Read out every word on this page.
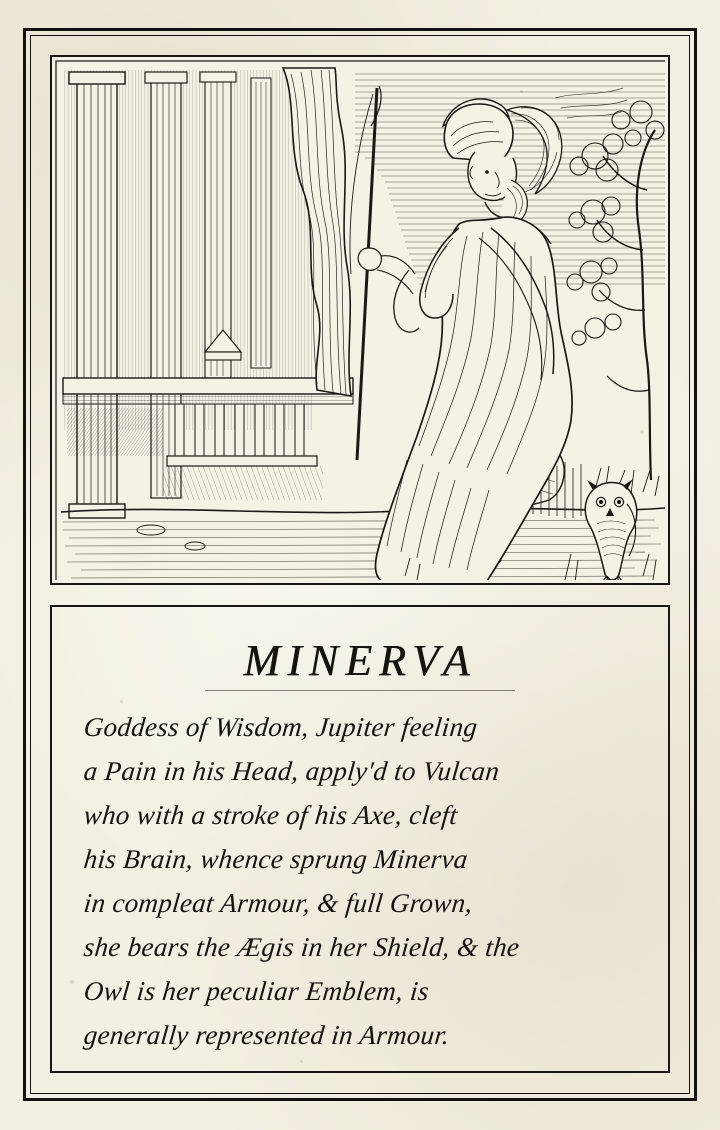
MINERVA
Goddess of Wisdom, Jupiter feeling
a Pain in his Head, apply'd to Vulcan
who with a stroke of his Axe, cleft
his Brain, whence sprung Minerva
in compleat Armour, & full Grown,
she bears the Ægis in her Shield, & the
Owl is her peculiar Emblem, is
generally represented in Armour.
